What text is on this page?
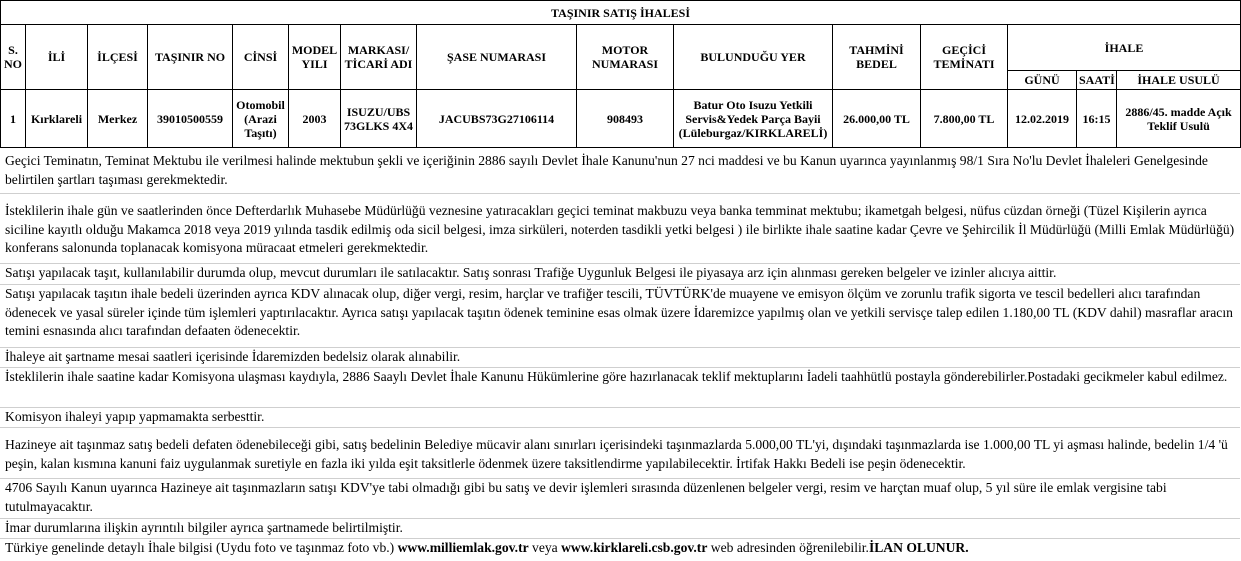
TAŞINIR SATIŞ İHALESİ														
S. NO	İLİ	İLÇESİ	TAŞINIR NO	CİNSİ	MODEL YILI	MARKASI/ TİCARİ ADI	ŞASE NUMARASI	MOTOR NUMARASI	BULUNDUĞU YER	TAHMİNİ BEDEL	GEÇİCİ TEMİNATI	İHALE		
												GÜNÜ	SAATİ	İHALE USULÜ
1	Kırklareli	Merkez	39010500559	Otomobil (Arazi Taşıtı)	2003	ISUZU/UBS 73GLKS 4X4	JACUBS73G27106114	908493	Batur Oto Isuzu Yetkili Servis&Yedek Parça Bayii (Lüleburgaz/KIRKLARELİ)	26.000,00 TL	7.800,00 TL	12.02.2019	16:15	2886/45. madde Açık Teklif Usulü
Geçici Teminatın, Teminat Mektubu ile verilmesi halinde mektubun şekli ve içeriğinin 2886 sayılı Devlet İhale Kanunu'nun 27 nci maddesi ve bu Kanun uyarınca yayınlanmış 98/1 Sıra No'lu Devlet İhaleleri Genelgesinde belirtilen şartları taşıması gerekmektedir.
İsteklilerin ihale gün ve saatlerinden önce Defterdarlık Muhasebe Müdürlüğü veznesine yatıracakları geçici teminat makbuzu veya banka temminat mektubu; ikametgah belgesi, nüfus cüzdan örneği (Tüzel Kişilerin ayrıca siciline kayıtlı olduğu Makamca 2018 veya 2019 yılında tasdik edilmiş oda sicil belgesi, imza sirküleri, noterden tasdikli yetki belgesi ) ile birlikte ihale saatine kadar Çevre ve Şehircilik İl Müdürlüğü (Milli Emlak Müdürlüğü) konferans salonunda toplanacak komisyona müracaat etmeleri gerekmektedir.
Satışı yapılacak taşıt, kullanılabilir durumda olup, mevcut durumları ile satılacaktır. Satış sonrası Trafiğe Uygunluk Belgesi ile piyasaya arz için alınması gereken belgeler ve izinler alıcıya aittir.
Satışı yapılacak taşıtın ihale bedeli üzerinden ayrıca KDV alınacak olup, diğer vergi, resim, harçlar ve trafiğer tescili, TÜVTÜRK'de muayene ve emisyon ölçüm ve zorunlu trafik sigorta ve tescil bedelleri alıcı tarafından ödenecek ve yasal süreler içinde tüm işlemleri yaptırılacaktır. Ayrıca satışı yapılacak taşıtın ödenek teminine esas olmak üzere İdaremizce yapılmış olan ve yetkili servisçe talep edilen 1.180,00 TL (KDV dahil) masraflar aracın temini esnasında alıcı tarafından defaaten ödenecektir.
İhaleye ait şartname mesai saatleri içerisinde İdaremizden bedelsiz olarak alınabilir.
İsteklilerin ihale saatine kadar Komisyona ulaşması kaydıyla, 2886 Saaylı Devlet İhale Kanunu Hükümlerine göre hazırlanacak teklif mektuplarını İadeli taahhütlü postayla gönderebilirler.Postadaki gecikmeler kabul edilmez.
Komisyon ihaleyi yapıp yapmamakta serbesttir.
Hazineye ait taşınmaz satış bedeli defaten ödenebileceği gibi, satış bedelinin Belediye mücavir alanı sınırları içerisindeki taşınmazlarda 5.000,00 TL'yi, dışındaki taşınmazlarda ise 1.000,00 TL yi aşması halinde, bedelin 1/4 'ü peşin, kalan kısmına kanuni faiz uygulanmak suretiyle en fazla iki yılda eşit taksitlerle ödenmek üzere taksitlendirme yapılabilecektir. İrtifak Hakkı Bedeli ise peşin ödenecektir.
4706 Sayılı Kanun uyarınca Hazineye ait taşınmazların satışı KDV'ye tabi olmadığı gibi bu satış ve devir işlemleri sırasında düzenlenen belgeler vergi, resim ve harçtan muaf olup, 5 yıl süre ile emlak vergisine tabi tutulmayacaktır.
İmar durumlarına ilişkin ayrıntılı bilgiler ayrıca şartnamede belirtilmiştir.
Türkiye genelinde detaylı İhale bilgisi (Uydu foto ve taşınmaz foto vb.) www.milliemlak.gov.tr veya www.kirklareli.csb.gov.tr web adresinden öğrenilebilir.İLAN OLUNUR.
